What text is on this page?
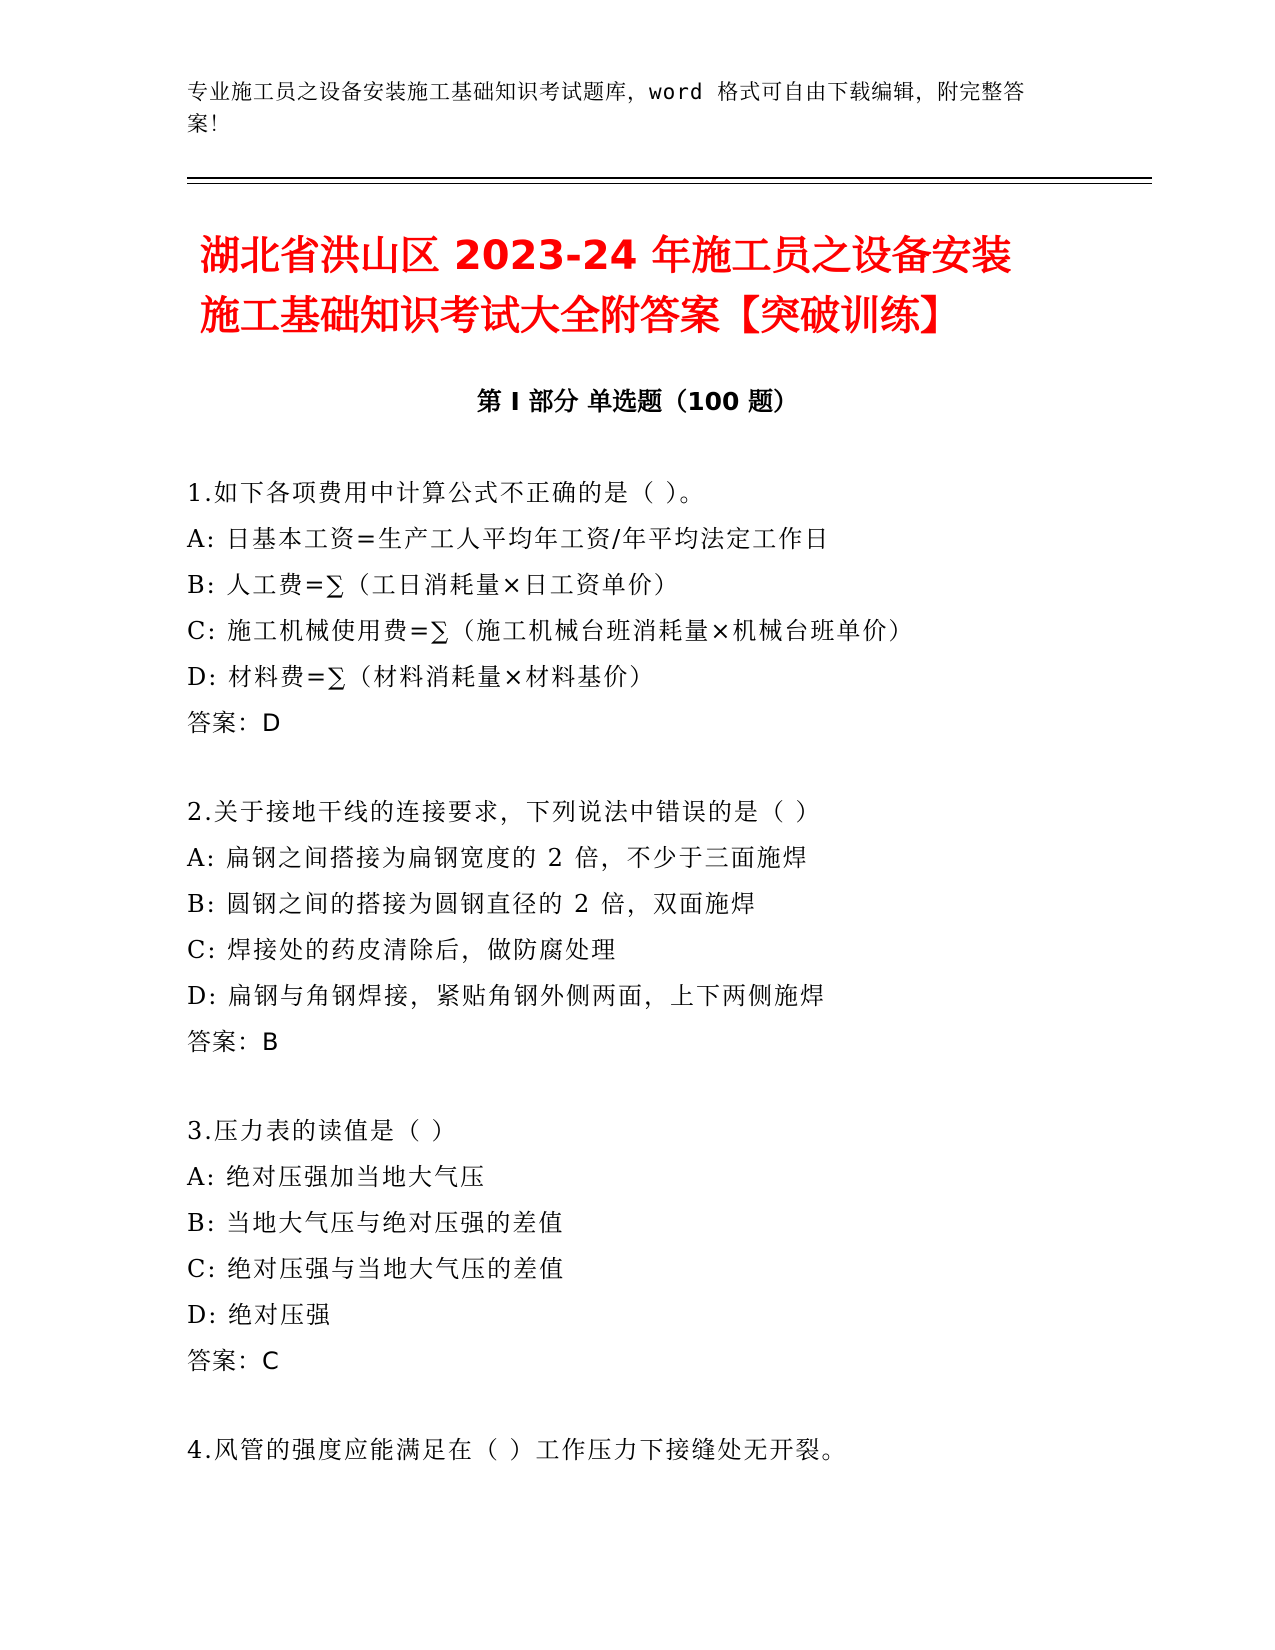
专业施工员之设备安装施工基础知识考试题库，word 格式可自由下载编辑，附完整答案！
湖北省洪山区 2023-24 年施工员之设备安装
施工基础知识考试大全附答案【突破训练】
第 I 部分 单选题（100 题）
1.如下各项费用中计算公式不正确的是（ ）。
A: 日基本工资=生产工人平均年工资/年平均法定工作日
B: 人工费=∑（工日消耗量×日工资单价）
C: 施工机械使用费=∑（施工机械台班消耗量×机械台班单价）
D: 材料费=∑（材料消耗量×材料基价）
答案：D
2.关于接地干线的连接要求，下列说法中错误的是（ ）
A: 扁钢之间搭接为扁钢宽度的 2 倍，不少于三面施焊
B: 圆钢之间的搭接为圆钢直径的 2 倍，双面施焊
C: 焊接处的药皮清除后，做防腐处理
D: 扁钢与角钢焊接，紧贴角钢外侧两面，上下两侧施焊
答案：B
3.压力表的读值是（ ）
A: 绝对压强加当地大气压
B: 当地大气压与绝对压强的差值
C: 绝对压强与当地大气压的差值
D: 绝对压强
答案：C
4.风管的强度应能满足在（ ）工作压力下接缝处无开裂。
